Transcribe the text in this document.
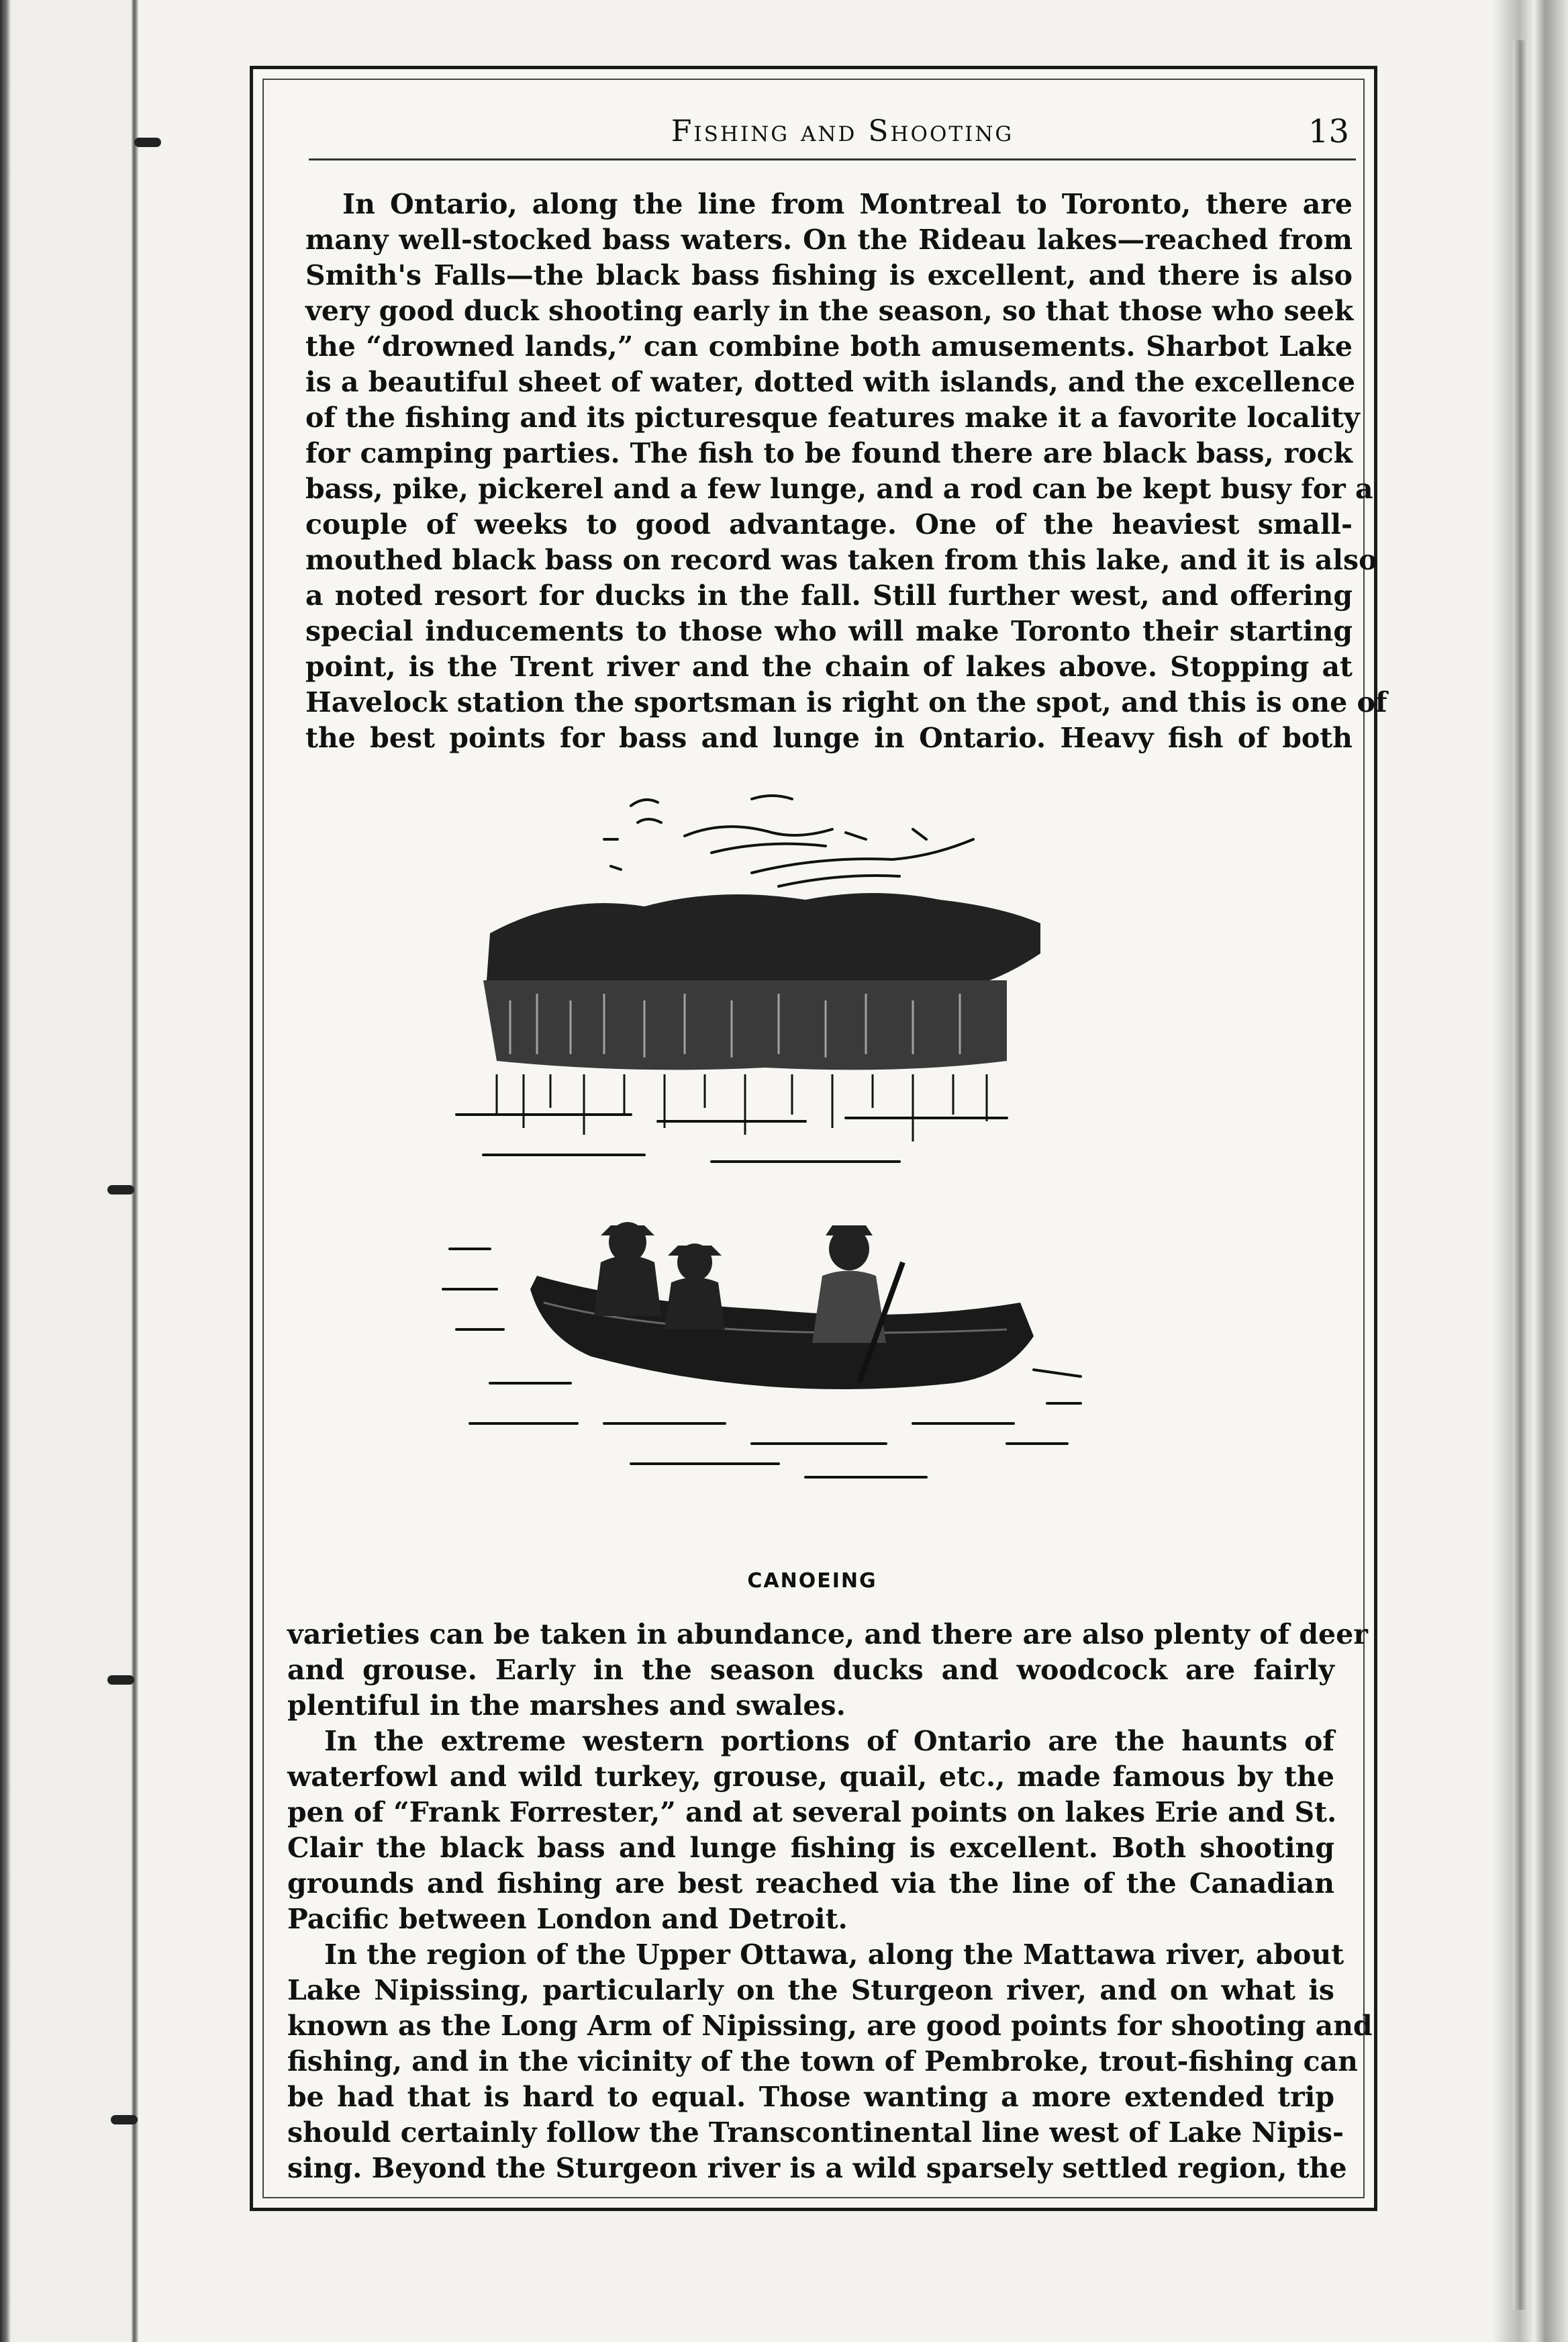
Fishing and Shooting	13
In Ontario, along the line from Montreal to Toronto, there are
many well-stocked bass waters. On the Rideau lakes—reached from
Smith's Falls—the black bass fishing is excellent, and there is also
very good duck shooting early in the season, so that those who seek
the “drowned lands,” can combine both amusements. Sharbot Lake
is a beautiful sheet of water, dotted with islands, and the excellence
of the fishing and its picturesque features make it a favorite locality
for camping parties. The fish to be found there are black bass, rock
bass, pike, pickerel and a few lunge, and a rod can be kept busy for a
couple of weeks to good advantage. One of the heaviest small-
mouthed black bass on record was taken from this lake, and it is also
a noted resort for ducks in the fall. Still further west, and offering
special inducements to those who will make Toronto their starting
point, is the Trent river and the chain of lakes above. Stopping at
Havelock station the sportsman is right on the spot, and this is one of
the best points for bass and lunge in Ontario. Heavy fish of both
CANOEING
varieties can be taken in abundance, and there are also plenty of deer
and grouse. Early in the season ducks and woodcock are fairly
plentiful in the marshes and swales.
In the extreme western portions of Ontario are the haunts of
waterfowl and wild turkey, grouse, quail, etc., made famous by the
pen of “Frank Forrester,” and at several points on lakes Erie and St.
Clair the black bass and lunge fishing is excellent. Both shooting
grounds and fishing are best reached via the line of the Canadian
Pacific between London and Detroit.
In the region of the Upper Ottawa, along the Mattawa river, about
Lake Nipissing, particularly on the Sturgeon river, and on what is
known as the Long Arm of Nipissing, are good points for shooting and
fishing, and in the vicinity of the town of Pembroke, trout-fishing can
be had that is hard to equal. Those wanting a more extended trip
should certainly follow the Transcontinental line west of Lake Nipis-
sing. Beyond the Sturgeon river is a wild sparsely settled region, the
